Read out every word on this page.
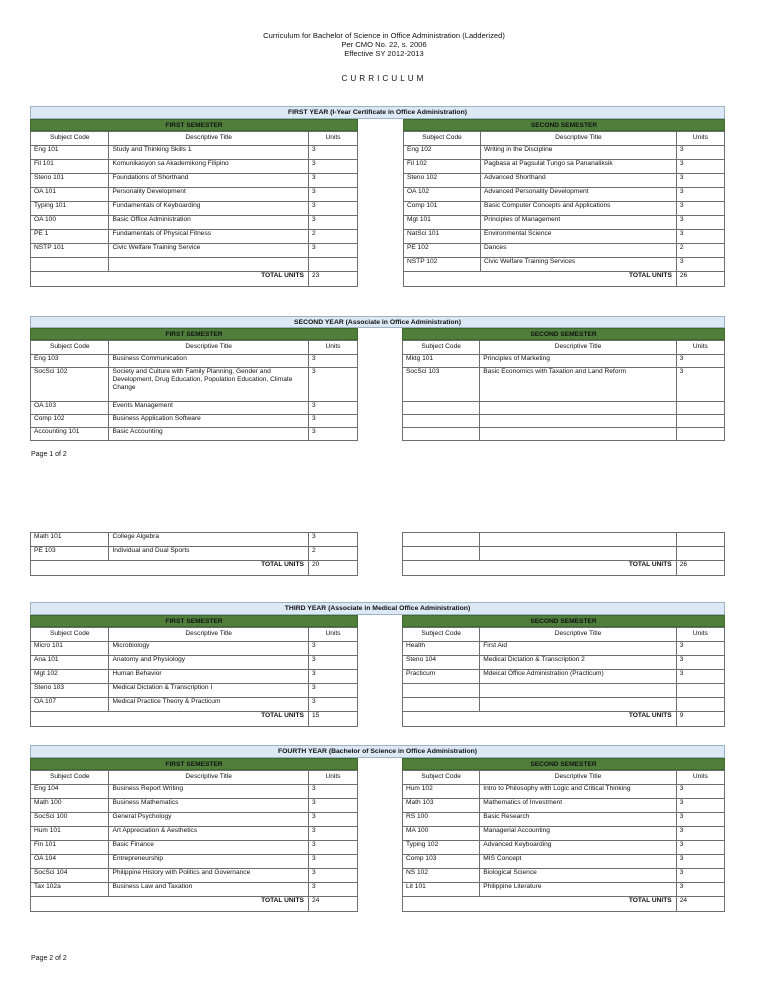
Curriculum for Bachelor of Science in Office Administration (Ladderized)
Per CMO No. 22, s. 2006
Effective SY 2012-2013
CURRICULUM
FIRST YEAR (I-Year Certificate in Office Administration)
FIRST SEMESTER
Subject Code	Descriptive Title	Units
Eng 101	Study and Thinking Skills 1	3
Fil 101	Komunikasyon sa Akademikong Filipino	3
Steno 101	Foundations of Shorthand	3
OA 101	Personality Development	3
Typing 101	Fundamentals of Keyboarding	3
OA 100	Basic Office Administration	3
PE 1	Fundamentals of Physical Fitness	2
NSTP 101	Civic Welfare Training Service	3

TOTAL UNITS		23
SECOND SEMESTER
Subject Code	Descriptive Title	Units
Eng 102	Writing in the Discipline	3
Fil 102	Pagbasa at Pagsulat Tungo sa Pananaliksik	3
Steno 102	Advanced Shorthand	3
OA 102	Advanced Personality Development	3
Comp 101	Basic Computer Concepts and Applications	3
Mgt 101	Principles of Management	3
NatSci 101	Environmental Science	3
PE 102	Dances	2
NSTP 102	Civic Welfare Training Services	3
TOTAL UNITS		26
SECOND YEAR (Associate in Office Administration)
FIRST SEMESTER
Subject Code	Descriptive Title	Units
Eng 103	Business Communication	3
SocSci 102	Society and Culture with Family Planning, Gender and Development, Drug Education, Population Education, Climate Change	3
OA 103	Events Management	3
Comp 102	Business Application Software	3
Accounting 101	Basic Accounting	3
SECOND SEMESTER
Subject Code	Descriptive Title	Units
Mktg 101	Principles of Marketing	3
SocSci 103	Basic Economics with Taxation and Land Reform	3

Page 1 of 2
Math 101	College Algebra	3
PE 103	Individual and Dual Sports	2
TOTAL UNITS		20

			TOTAL UNITS		26
THIRD YEAR (Associate in Medical Office Administration)
FIRST SEMESTER
Subject Code	Descriptive Title	Units
Micro 101	Microbiology	3
Ana 101	Anatomy and Physiology	3
Mgt 102	Human Behavior	3
Steno 103	Medical Dictation & Transcription I	3
OA 107	Medical Practice Theory & Practicum	3
TOTAL UNITS		15
SECOND SEMESTER
Subject Code	Descriptive Title	Units
Health	First Aid	3
Steno 104	Medical Dictation & Transcription 2	3
Practicum	Mdeical Office Administration (Practicum)	3

TOTAL UNITS		9
FOURTH YEAR (Bachelor of Science in Office Administration)
FIRST SEMESTER
Subject Code	Descriptive Title	Units
Eng 104	Business Report Writing	3
Math 100	Business Mathematics	3
SocSci 100	General Psychology	3
Hum 101	Art Appreciation & Aesthetics	3
Fin 101	Basic Finance	3
OA 104	Entrepreneurship	3
SocSci 104	Philippine History with Politics and Governance	3
Tax 102a	Business Law and Taxation	3
TOTAL UNITS		24
SECOND SEMESTER
Subject Code	Descriptive Title	Units
Hum 102	Intro to Philosophy with Logic and Critical Thinking	3
Math 103	Mathematics of Investment	3
RS 100	Basic Research	3
MA 100	Managerial Accounting	3
Typing 102	Advanced Keyboarding	3
Comp 103	MIS Concept	3
NS 102	Biological Science	3
Lit 101	Philippine Literature	3
TOTAL UNITS		24
Page 2 of 2
